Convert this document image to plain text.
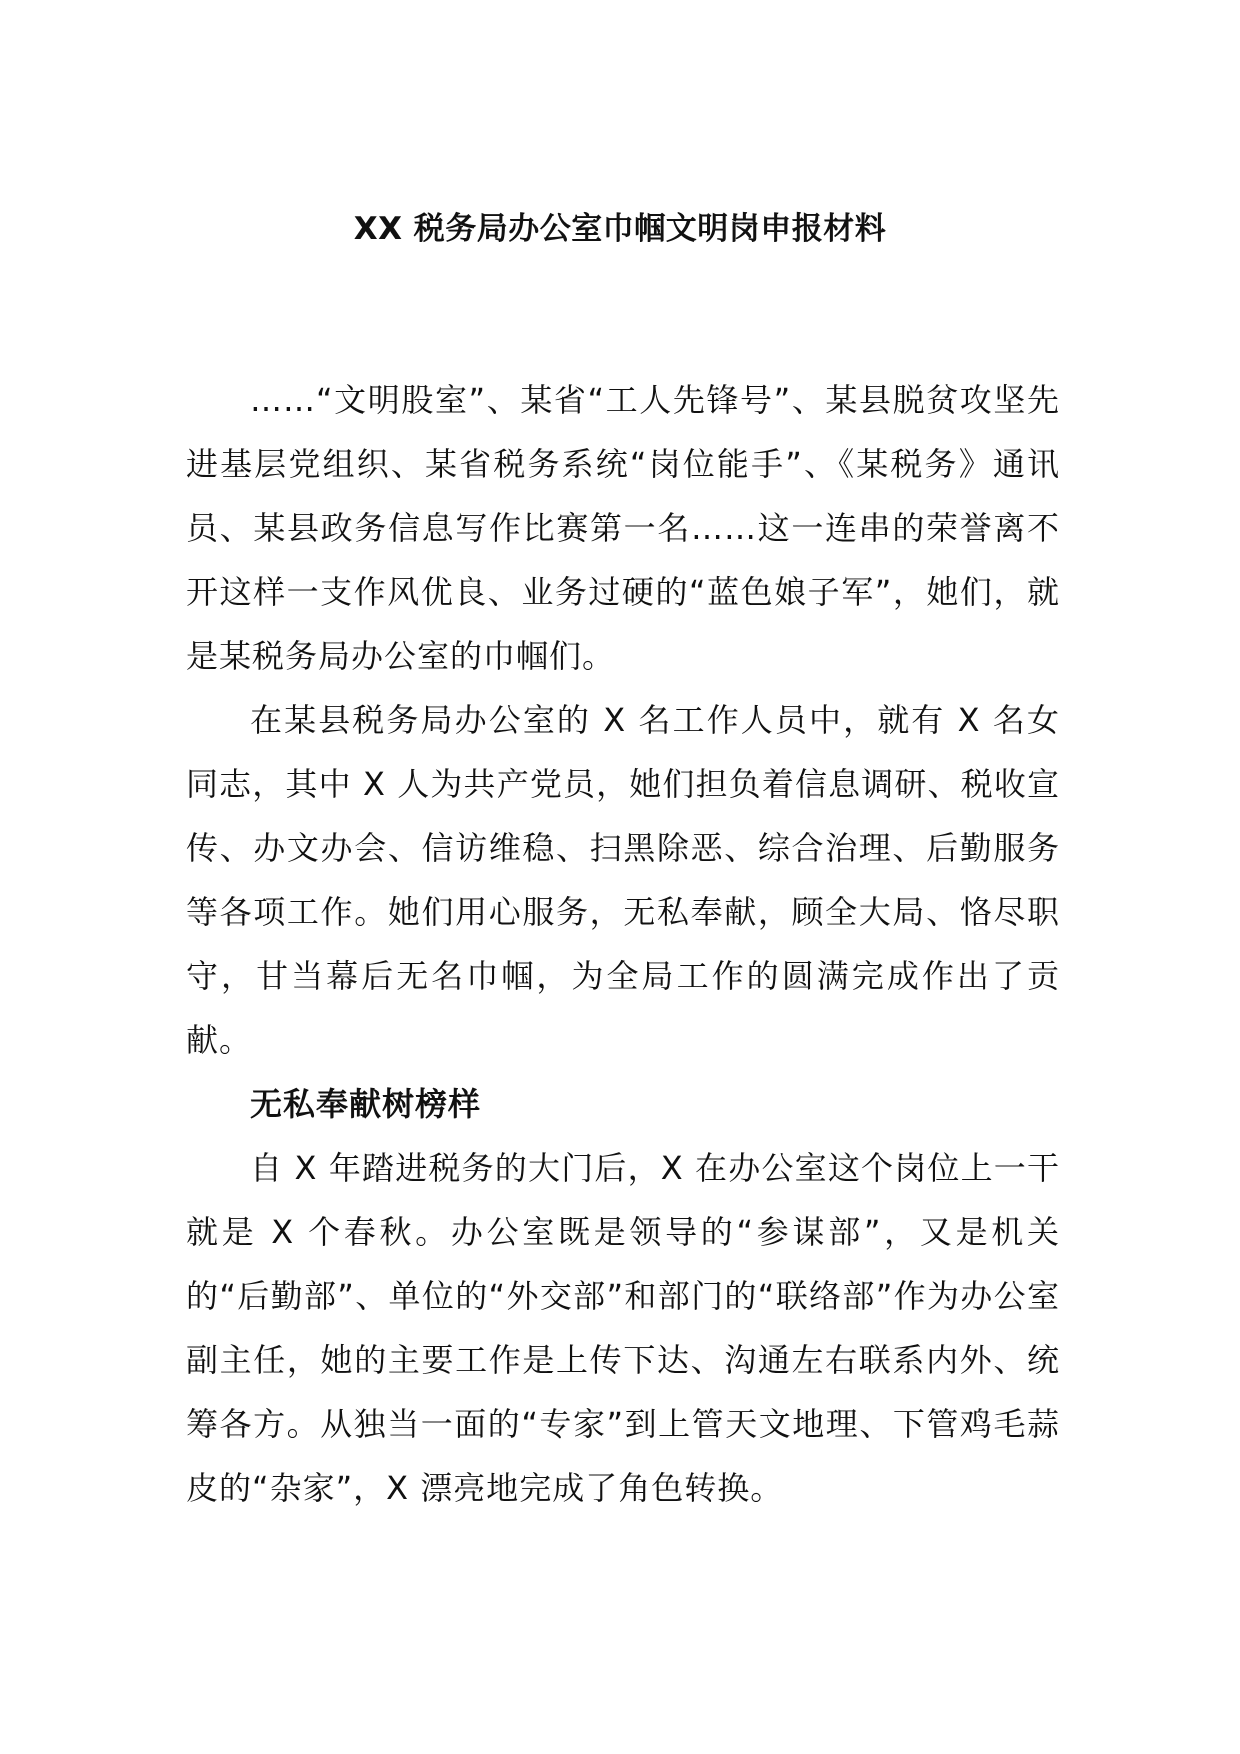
XX 税务局办公室巾帼文明岗申报材料

……“文明股室”、某省“工人先锋号”、某县脱贫攻坚先进基层党组织、某省税务系统“岗位能手”、《某税务》通讯员、某县政务信息写作比赛第一名……这一连串的荣誉离不开这样一支作风优良、业务过硬的“蓝色娘子军”，她们，就是某税务局办公室的巾帼们。

在某县税务局办公室的 X 名工作人员中，就有 X 名女同志，其中 X 人为共产党员，她们担负着信息调研、税收宣传、办文办会、信访维稳、扫黑除恶、综合治理、后勤服务等各项工作。她们用心服务，无私奉献，顾全大局、恪尽职守，甘当幕后无名巾帼，为全局工作的圆满完成作出了贡献。

无私奉献树榜样

自 X 年踏进税务的大门后，X 在办公室这个岗位上一干就是 X 个春秋。办公室既是领导的“参谋部”，又是机关的“后勤部”、单位的“外交部”和部门的“联络部”作为办公室副主任，她的主要工作是上传下达、沟通左右联系内外、统筹各方。从独当一面的“专家”到上管天文地理、下管鸡毛蒜皮的“杂家”，X 漂亮地完成了角色转换。
